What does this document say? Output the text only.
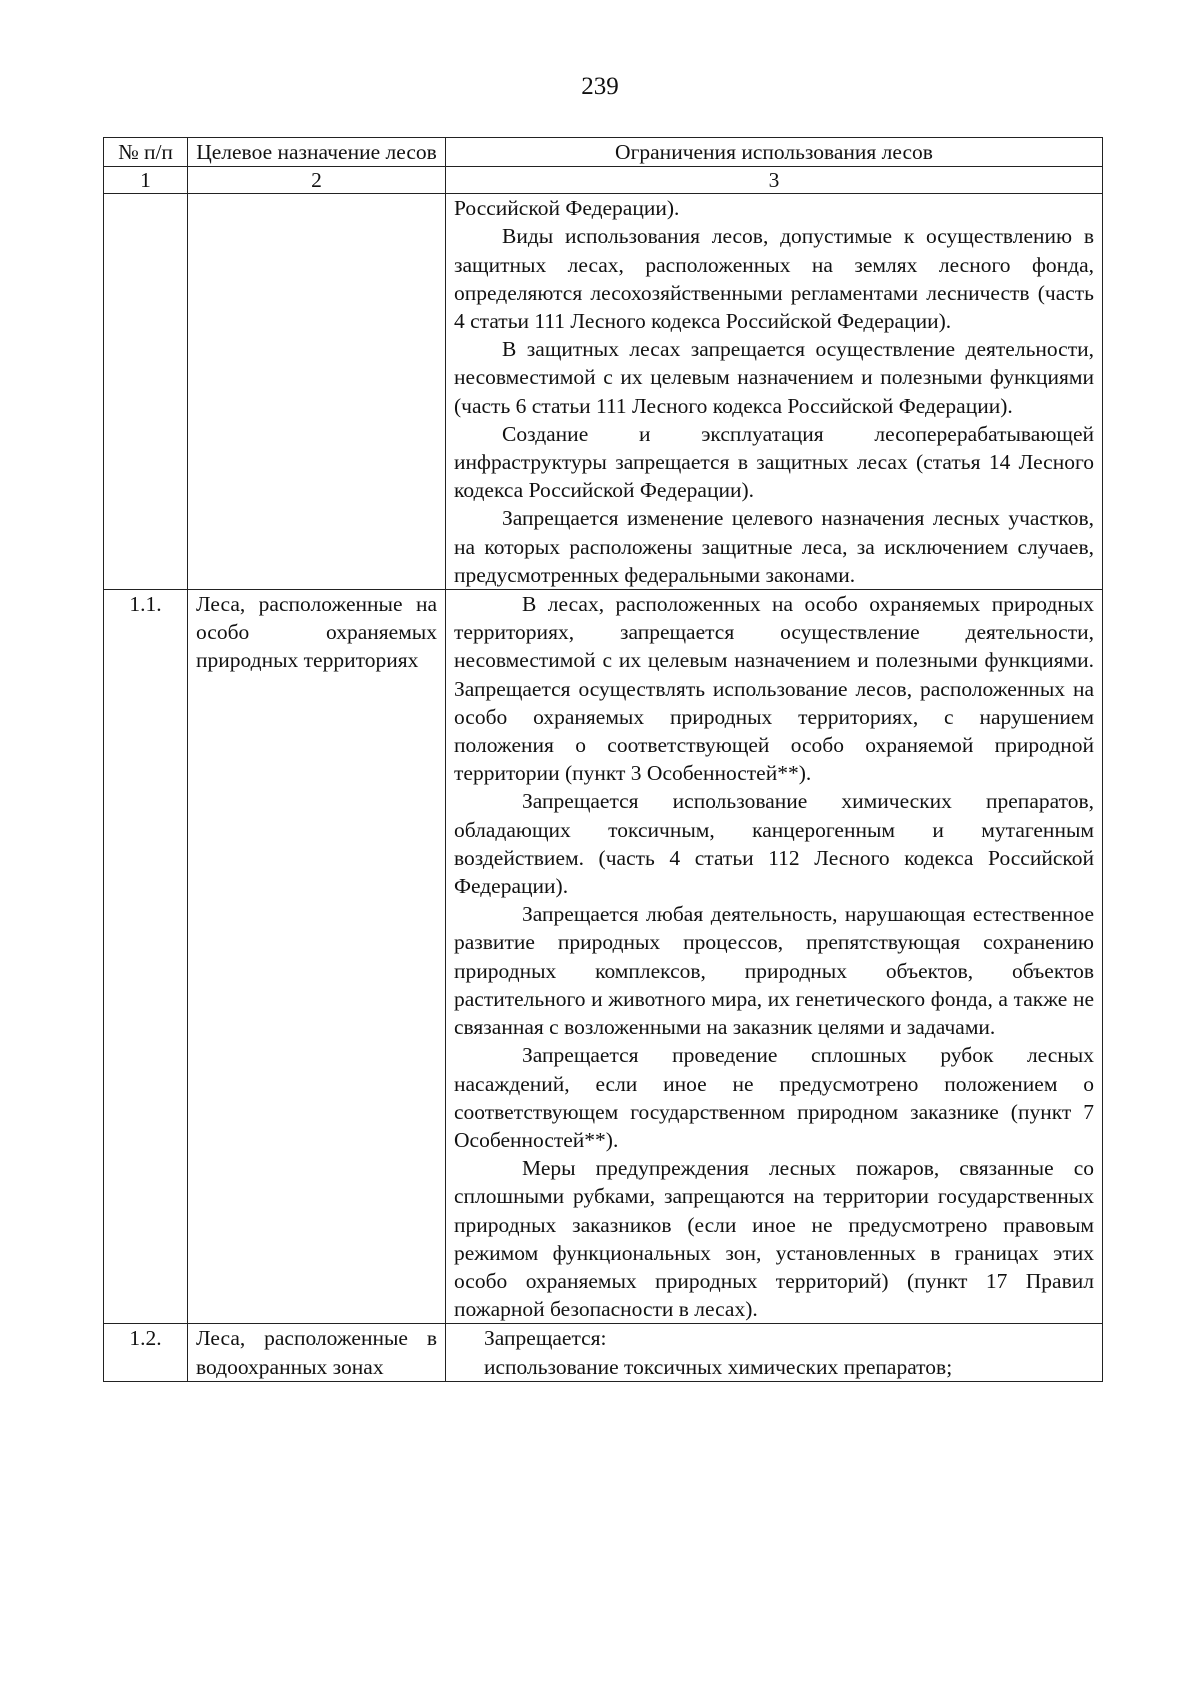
239
№ п/п	Целевое назначение лесов	Ограничения использования лесов
1	2	3

		Российской Федерации).

Виды использования лесов, допустимые к осуществлению в защитных лесах, расположенных на землях лесного фонда, определяются лесохозяйственными регламентами лесничеств (часть 4 статьи 111 Лесного кодекса Российской Федерации).

В защитных лесах запрещается осуществление деятельности, несовместимой с их целевым назначением и полезными функциями (часть 6 статьи 111 Лесного кодекса Российской Федерации).

Создание и эксплуатация лесоперерабатывающей инфраструктуры запрещается в защитных лесах (статья 14 Лесного кодекса Российской Федерации).

Запрещается изменение целевого назначения лесных участков, на которых расположены защитные леса, за исключением случаев, предусмотренных федеральными законами.

1.1.	Леса, расположенные на особо охраняемых природных территориях	В лесах, расположенных на особо охраняемых природных территориях, запрещается осуществление деятельности, несовместимой с их целевым назначением и полезными функциями. Запрещается осуществлять использование лесов, расположенных на особо охраняемых природных территориях, с нарушением положения о соответствующей особо охраняемой природной территории (пункт 3 Особенностей**).

Запрещается использование химических препаратов, обладающих токсичным, канцерогенным и мутагенным воздействием. (часть 4 статьи 112 Лесного кодекса Российской Федерации).

Запрещается любая деятельность, нарушающая естественное развитие природных процессов, препятствующая сохранению природных комплексов, природных объектов, объектов растительного и животного мира, их генетического фонда, а также не связанная с возложенными на заказник целями и задачами.

Запрещается проведение сплошных рубок лесных насаждений, если иное не предусмотрено положением о соответствующем государственном природном заказнике (пункт 7 Особенностей**).

Меры предупреждения лесных пожаров, связанные со сплошными рубками, запрещаются на территории государственных природных заказников (если иное не предусмотрено правовым режимом функциональных зон, установленных в границах этих особо охраняемых природных территорий) (пункт 17 Правил пожарной безопасности в лесах).

1.2.	Леса, расположенные в водоохранных зонах	Запрещается:

использование токсичных химических препаратов;
